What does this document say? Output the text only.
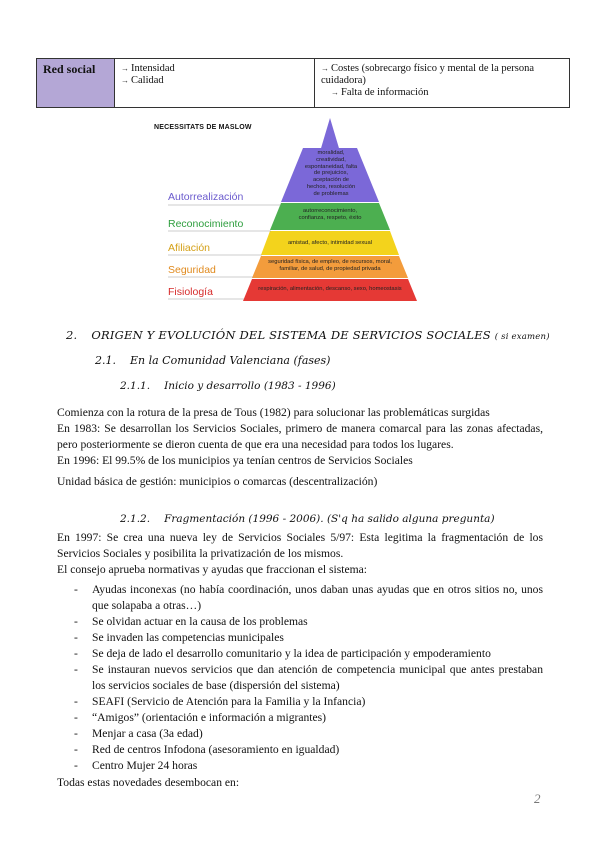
Red social	→ Intensidad
→ Calidad
→ Costes (sobrecargo físico y mental de la persona cuidadora)
→ Falta de información
NECESSITATS DE MASLOW
Autorrealización
Reconocimiento
Afiliación
Seguridad
Fisiología
moralidad, creatividad, espontaneidad, falta de prejuicios, aceptación de hechos, resolución de problemas
autorreconocimiento, confianza, respeto, éxito
amistad, afecto, intimidad sexual
seguridad física, de empleo, de recursos, moral, familiar, de salud, de propiedad privada
respiración, alimentación, descanso, sexo, homeostasis
2. ORIGEN Y EVOLUCIÓN DEL SISTEMA DE SERVICIOS SOCIALES ( si examen)
2.1. En la Comunidad Valenciana (fases)
2.1.1. Inicio y desarrollo (1983 - 1996)
Comienza con la rotura de la presa de Tous (1982) para solucionar las problemáticas surgidas
En 1983: Se desarrollan los Servicios Sociales, primero de manera comarcal para las zonas afectadas, pero posteriormente se dieron cuenta de que era una necesidad para todos los lugares.
En 1996: El 99.5% de los municipios ya tenían centros de Servicios Sociales
Unidad básica de gestión: municipios o comarcas (descentralización)
2.1.2. Fragmentación (1996 - 2006). (S'q ha salido alguna pregunta)
En 1997: Se crea una nueva ley de Servicios Sociales 5/97: Esta legitima la fragmentación de los Servicios Sociales y posibilita la privatización de los mismos.
El consejo aprueba normativas y ayudas que fraccionan el sistema:
- Ayudas inconexas (no había coordinación, unos daban unas ayudas que en otros sitios no, unos que solapaba a otras…)
- Se olvidan actuar en la causa de los problemas
- Se invaden las competencias municipales
- Se deja de lado el desarrollo comunitario y la idea de participación y empoderamiento
- Se instauran nuevos servicios que dan atención de competencia municipal que antes prestaban los servicios sociales de base (dispersión del sistema)
- SEAFI (Servicio de Atención para la Familia y la Infancia)
- “Amigos” (orientación e información a migrantes)
- Menjar a casa (3a edad)
- Red de centros Infodona (asesoramiento en igualdad)
- Centro Mujer 24 horas
Todas estas novedades desembocan en:
2
